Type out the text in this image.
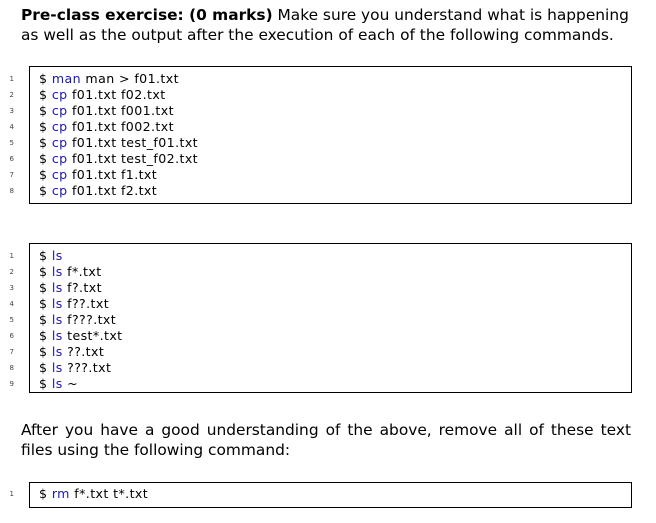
Pre-class exercise: (0 marks) Make sure you understand what is happening as well as the output after the execution of each of the following commands.

1
2
3
4
5
6
7
8
$ man man > f01.txt
$ cp f01.txt f02.txt
$ cp f01.txt f001.txt
$ cp f01.txt f002.txt
$ cp f01.txt test_f01.txt
$ cp f01.txt test_f02.txt
$ cp f01.txt f1.txt
$ cp f01.txt f2.txt
1
2
3
4
5
6
7
8
9
$ ls
$ ls f*.txt
$ ls f?.txt
$ ls f??.txt
$ ls f???.txt
$ ls test*.txt
$ ls ??.txt
$ ls ???.txt
$ ls ~

After you have a good understanding of the above, remove all of these text files using the following command:

1 $ rm f*.txt t*.txt
